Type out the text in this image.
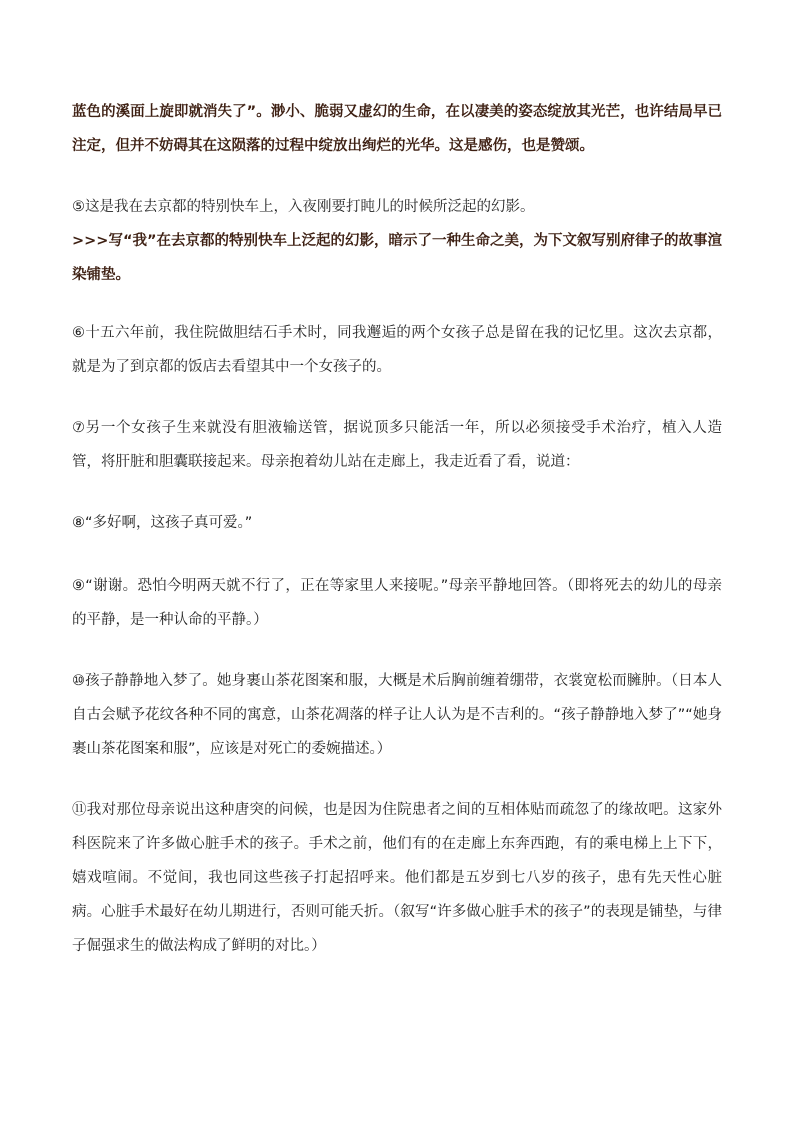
蓝色的溪面上旋即就消失了”。渺小、脆弱又虚幻的生命，在以凄美的姿态绽放其光芒，也许结局早已注定，但并不妨碍其在这陨落的过程中绽放出绚烂的光华。这是感伤，也是赞颂。

⑤这是我在去京都的特别快车上，入夜刚要打盹儿的时候所泛起的幻影。

>>>写“我”在去京都的特别快车上泛起的幻影，暗示了一种生命之美，为下文叙写别府律子的故事渲染铺垫。

⑥十五六年前，我住院做胆结石手术时，同我邂逅的两个女孩子总是留在我的记忆里。这次去京都，就是为了到京都的饭店去看望其中一个女孩子的。

⑦另一个女孩子生来就没有胆液输送管，据说顶多只能活一年，所以必须接受手术治疗，植入人造管，将肝脏和胆囊联接起来。母亲抱着幼儿站在走廊上，我走近看了看，说道：

⑧“多好啊，这孩子真可爱。”

⑨“谢谢。恐怕今明两天就不行了，正在等家里人来接呢。”母亲平静地回答。（即将死去的幼儿的母亲的平静，是一种认命的平静。）

⑩孩子静静地入梦了。她身裹山茶花图案和服，大概是术后胸前缠着绷带，衣裳宽松而臃肿。（日本人自古会赋予花纹各种不同的寓意，山茶花凋落的样子让人认为是不吉利的。“孩子静静地入梦了”“她身裹山茶花图案和服”，应该是对死亡的委婉描述。）

⑪我对那位母亲说出这种唐突的问候，也是因为住院患者之间的互相体贴而疏忽了的缘故吧。这家外科医院来了许多做心脏手术的孩子。手术之前，他们有的在走廊上东奔西跑，有的乘电梯上上下下，嬉戏喧闹。不觉间，我也同这些孩子打起招呼来。他们都是五岁到七八岁的孩子，患有先天性心脏病。心脏手术最好在幼儿期进行，否则可能夭折。（叙写“许多做心脏手术的孩子”的表现是铺垫，与律子倔强求生的做法构成了鲜明的对比。）
